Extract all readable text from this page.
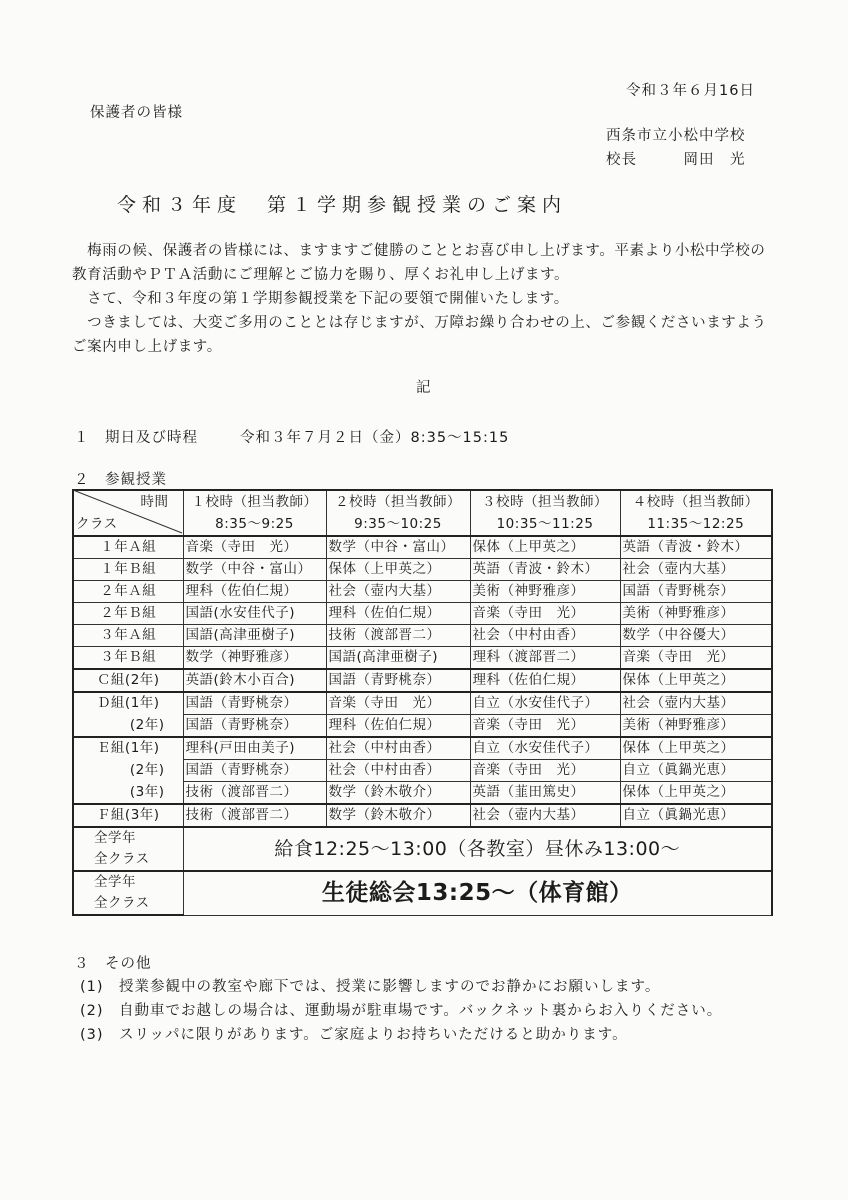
令和３年６月16日
保護者の皆様
西条市立小松中学校
校長　　　岡田　光
令和３年度　第１学期参観授業のご案内

　梅雨の候、保護者の皆様には、ますますご健勝のこととお喜び申し上げます。平素より小松中学校の教育活動やＰＴＡ活動にご理解とご協力を賜り、厚くお礼申し上げます。

　さて、令和３年度の第１学期参観授業を下記の要領で開催いたします。

　つきましては、大変ご多用のこととは存じますが、万障お繰り合わせの上、ご参観くださいますようご案内申し上げます。

記
１　期日及び時程	令和３年７月２日（金）8:35～15:15
２　参観授業
時間	１校時（担当教師）	２校時（担当教師）	３校時（担当教師）	４校時（担当教師）
クラス	8:35～9:25	9:35～10:25	10:35～11:25	11:35～12:25
１年Ａ組	音楽（寺田　光）	数学（中谷・富山）	保体（上甲英之）	英語（青波・鈴木）
１年Ｂ組	数学（中谷・富山）	保体（上甲英之）	英語（青波・鈴木）	社会（壺内大基）
２年Ａ組	理科（佐伯仁規）	社会（壺内大基）	美術（神野雅彦）	国語（青野桃奈）
２年Ｂ組	国語(水安佳代子)	理科（佐伯仁規）	音楽（寺田　光）	美術（神野雅彦）
３年Ａ組	国語(高津亜樹子)	技術（渡部晋二）	社会（中村由香）	数学（中谷優大）
３年Ｂ組	数学（神野雅彦）	国語(高津亜樹子)	理科（渡部晋二）	音楽（寺田　光）
Ｃ組(2年)	英語(鈴木小百合)	国語（青野桃奈）	理科（佐伯仁規）	保体（上甲英之）
Ｄ組(1年)	国語（青野桃奈）	音楽（寺田　光）	自立（水安佳代子）	社会（壺内大基）
(2年)	国語（青野桃奈）	理科（佐伯仁規）	音楽（寺田　光）	美術（神野雅彦）
Ｅ組(1年)	理科(戸田由美子)	社会（中村由香）	自立（水安佳代子）	保体（上甲英之）
(2年)	国語（青野桃奈）	社会（中村由香）	音楽（寺田　光）	自立（眞鍋光恵）
(3年)	技術（渡部晋二）	数学（鈴木敬介）	英語（韮田篤史）	保体（上甲英之）
Ｆ組(3年)	技術（渡部晋二）	数学（鈴木敬介）	社会（壺内大基）	自立（眞鍋光恵）
全学年	給食12:25～13:00（各教室）昼休み13:00～			
全クラス				
全学年	生徒総会13:25～（体育館）			
全クラス				
３　その他
(1)　授業参観中の教室や廊下では、授業に影響しますのでお静かにお願いします。
(2)　自動車でお越しの場合は、運動場が駐車場です。バックネット裏からお入りください。
(3)　スリッパに限りがあります。ご家庭よりお持ちいただけると助かります。
